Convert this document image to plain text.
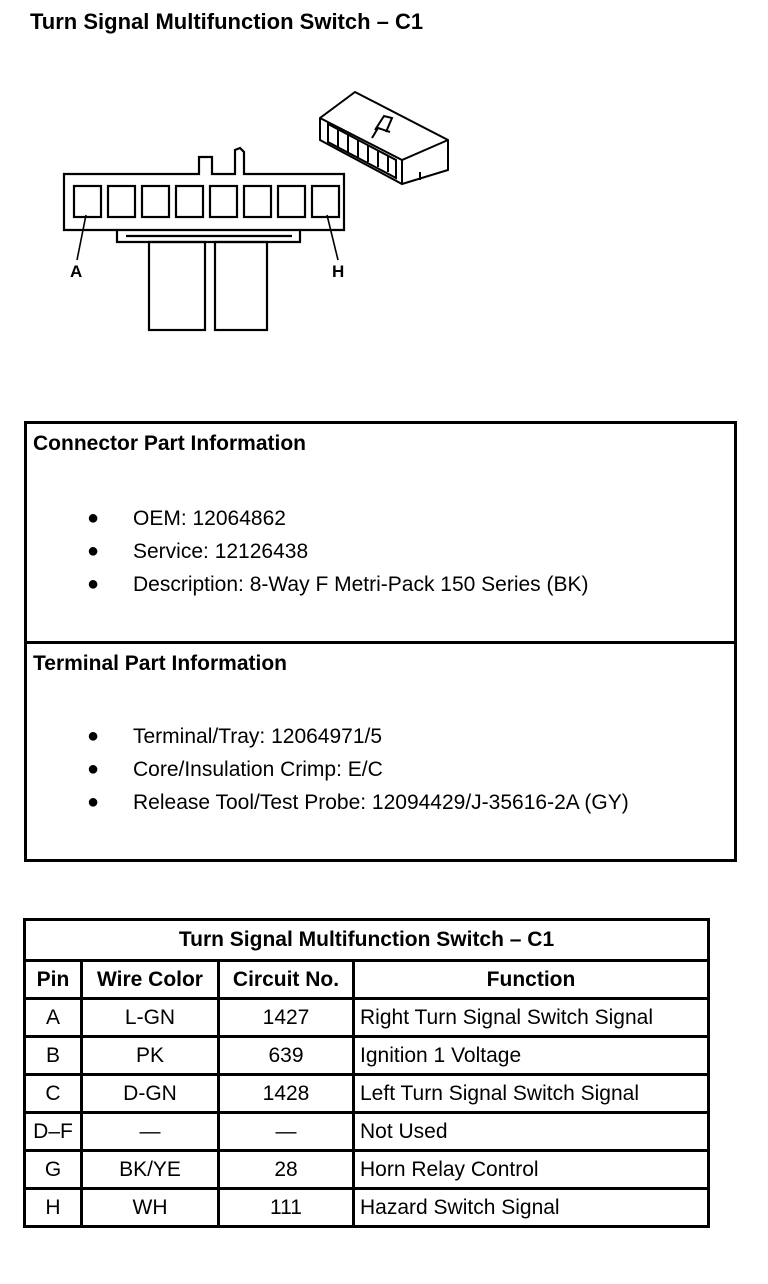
Turn Signal Multifunction Switch – C1
A	H
Connector Part Information
● OEM: 12064862
● Service: 12126438
● Description: 8-Way F Metri-Pack 150 Series (BK)
Terminal Part Information
● Terminal/Tray: 12064971/5
● Core/Insulation Crimp: E/C
● Release Tool/Test Probe: 12094429/J-35616-2A (GY)
Turn Signal Multifunction Switch – C1			
Pin	Wire Color	Circuit No.	Function
A	L-GN	1427	Right Turn Signal Switch Signal
B	PK	639	Ignition 1 Voltage
C	D-GN	1428	Left Turn Signal Switch Signal
D–F	—	—	Not Used
G	BK/YE	28	Horn Relay Control
H	WH	111	Hazard Switch Signal
